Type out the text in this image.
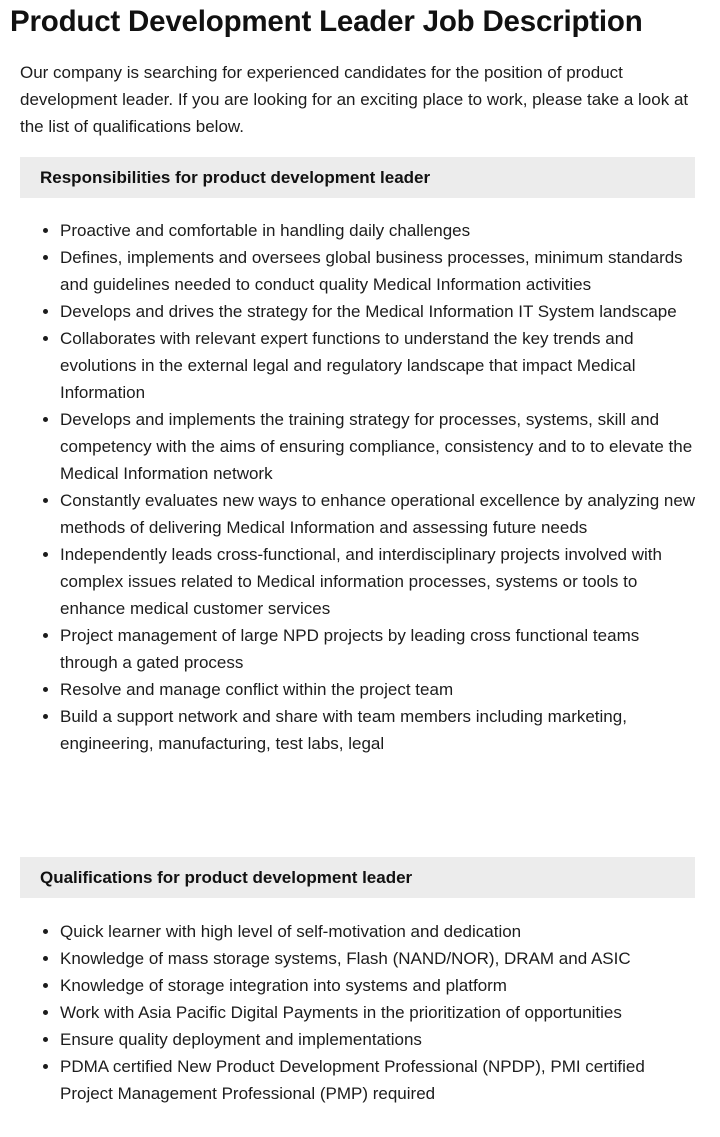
Product Development Leader Job Description

Our company is searching for experienced candidates for the position of product development leader. If you are looking for an exciting place to work, please take a look at the list of qualifications below.

Responsibilities for product development leader
• Proactive and comfortable in handling daily challenges
• Defines, implements and oversees global business processes, minimum standards and guidelines needed to conduct quality Medical Information activities
• Develops and drives the strategy for the Medical Information IT System landscape
• Collaborates with relevant expert functions to understand the key trends and evolutions in the external legal and regulatory landscape that impact Medical Information
• Develops and implements the training strategy for processes, systems, skill and competency with the aims of ensuring compliance, consistency and to to elevate the Medical Information network
• Constantly evaluates new ways to enhance operational excellence by analyzing new methods of delivering Medical Information and assessing future needs
• Independently leads cross-functional, and interdisciplinary projects involved with complex issues related to Medical information processes, systems or tools to enhance medical customer services
• Project management of large NPD projects by leading cross functional teams through a gated process
• Resolve and manage conflict within the project team
• Build a support network and share with team members including marketing, engineering, manufacturing, test labs, legal
Qualifications for product development leader
• Quick learner with high level of self-motivation and dedication
• Knowledge of mass storage systems, Flash (NAND/NOR), DRAM and ASIC
• Knowledge of storage integration into systems and platform
• Work with Asia Pacific Digital Payments in the prioritization of opportunities
• Ensure quality deployment and implementations
• PDMA certified New Product Development Professional (NPDP), PMI certified Project Management Professional (PMP) required
